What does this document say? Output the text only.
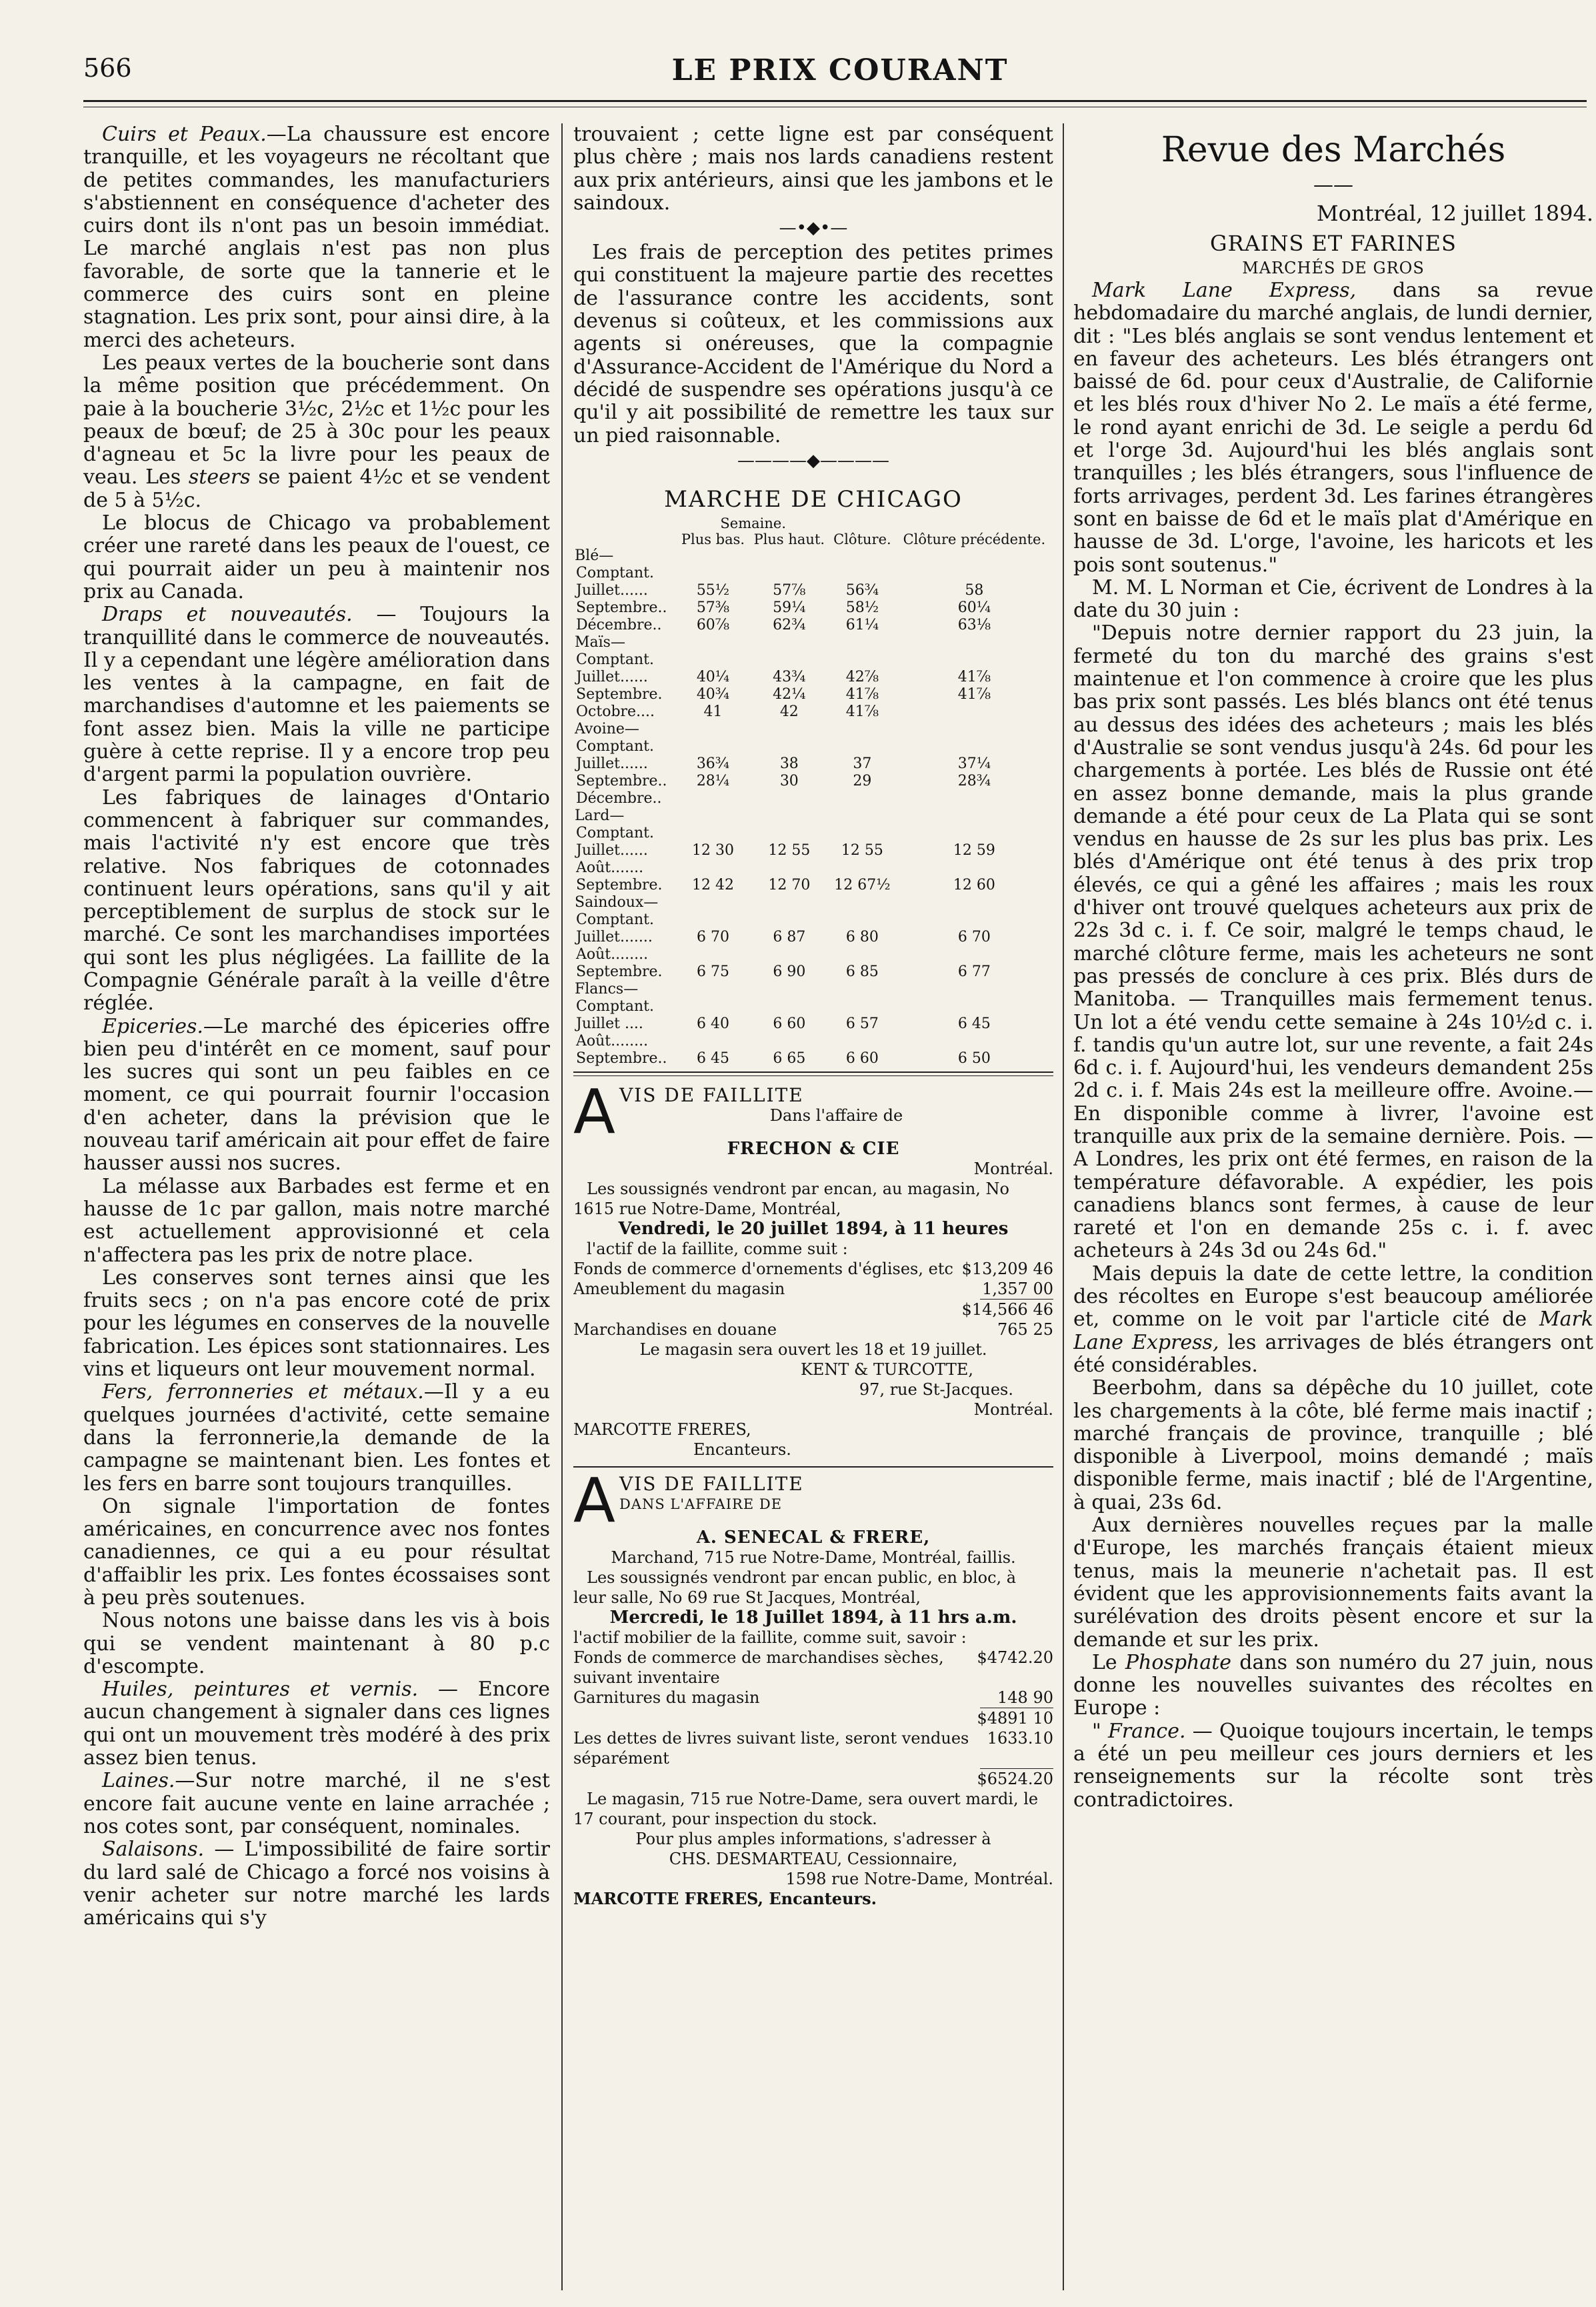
566	LE PRIX COURANT

Cuirs et Peaux.—La chaussure est encore tranquille, et les voyageurs ne récoltant que de petites commandes, les manufacturiers s'abstiennent en conséquence d'acheter des cuirs dont ils n'ont pas un besoin immédiat. Le marché anglais n'est pas non plus favorable, de sorte que la tannerie et le commerce des cuirs sont en pleine stagnation. Les prix sont, pour ainsi dire, à la merci des acheteurs.

Les peaux vertes de la boucherie sont dans la même position que précédemment. On paie à la boucherie 3½c, 2½c et 1½c pour les peaux de bœuf; de 25 à 30c pour les peaux d'agneau et 5c la livre pour les peaux de veau. Les steers se paient 4½c et se vendent de 5 à 5½c.

Le blocus de Chicago va probablement créer une rareté dans les peaux de l'ouest, ce qui pourrait aider un peu à maintenir nos prix au Canada.

Draps et nouveautés. — Toujours la tranquillité dans le commerce de nouveautés. Il y a cependant une légère amélioration dans les ventes à la campagne, en fait de marchandises d'automne et les paiements se font assez bien. Mais la ville ne participe guère à cette reprise. Il y a encore trop peu d'argent parmi la population ouvrière.

Les fabriques de lainages d'Ontario commencent à fabriquer sur commandes, mais l'activité n'y est encore que très relative. Nos fabriques de cotonnades continuent leurs opérations, sans qu'il y ait perceptiblement de surplus de stock sur le marché. Ce sont les marchandises importées qui sont les plus négligées. La faillite de la Compagnie Générale paraît à la veille d'être réglée.

Epiceries.—Le marché des épiceries offre bien peu d'intérêt en ce moment, sauf pour les sucres qui sont un peu faibles en ce moment, ce qui pourrait fournir l'occasion d'en acheter, dans la prévision que le nouveau tarif américain ait pour effet de faire hausser aussi nos sucres.

La mélasse aux Barbades est ferme et en hausse de 1c par gallon, mais notre marché est actuellement approvisionné et cela n'affectera pas les prix de notre place.

Les conserves sont ternes ainsi que les fruits secs ; on n'a pas encore coté de prix pour les légumes en conserves de la nouvelle fabrication. Les épices sont stationnaires. Les vins et liqueurs ont leur mouvement normal.

Fers, ferronneries et métaux.—Il y a eu quelques journées d'activité, cette semaine dans la ferronnerie,la demande de la campagne se maintenant bien. Les fontes et les fers en barre sont toujours tranquilles.

On signale l'importation de fontes américaines, en concurrence avec nos fontes canadiennes, ce qui a eu pour résultat d'affaiblir les prix. Les fontes écossaises sont à peu près soutenues.

Nous notons une baisse dans les vis à bois qui se vendent maintenant à 80 p.c d'escompte.

Huiles, peintures et vernis. — Encore aucun changement à signaler dans ces lignes qui ont un mouvement très modéré à des prix assez bien tenus.

Laines.—Sur notre marché, il ne s'est encore fait aucune vente en laine arrachée ; nos cotes sont, par conséquent, nominales.

Salaisons. — L'impossibilité de faire sortir du lard salé de Chicago a forcé nos voisins à venir acheter sur notre marché les lards américains qui s'y

trouvaient ; cette ligne est par conséquent plus chère ; mais nos lards canadiens restent aux prix antérieurs, ainsi que les jambons et le saindoux.

—•◆•—

Les frais de perception des petites primes qui constituent la majeure partie des recettes de l'assurance contre les accidents, sont devenus si coûteux, et les commissions aux agents si onéreuses, que la compagnie d'Assurance-Accident de l'Amérique du Nord a décidé de suspendre ses opérations jusqu'à ce qu'il y ait possibilité de remettre les taux sur un pied raisonnable.

————◆————
MARCHE DE CHICAGO
	Semaine.			
	Plus bas.	Plus haut.	Clôture.	Clôture précédente.
Blé—				
Comptant.				
Juillet......	55½	57⅞	56¾	58
Septembre..	57⅜	59¼	58½	60¼
Décembre..	60⅞	62¾	61¼	63⅛
Maïs—				
Comptant.				
Juillet......	40¼	43¾	42⅞	41⅞
Septembre.	40¾	42¼	41⅞	41⅞
Octobre....	41	42	41⅞	
Avoine—				
Comptant.				
Juillet......	36¾	38	37	37¼
Septembre..	28¼	30	29	28¾
Décembre..				
Lard—				
Comptant.				
Juillet......	12 30	12 55	12 55	12 59
Août.......				
Septembre.	12 42	12 70	12 67½	12 60
Saindoux—				
Comptant.				
Juillet.......	6 70	6 87	6 80	6 70
Août........				
Septembre.	6 75	6 90	6 85	6 77
Flancs—				
Comptant.				
Juillet ....	6 40	6 60	6 57	6 45
Août........				
Septembre..	6 45	6 65	6 60	6 50
A VIS DE FAILLITE
Dans l'affaire de
FRECHON & CIE
Montréal.
Les soussignés vendront par encan, au magasin, No 1615 rue Notre-Dame, Montréal,
Vendredi, le 20 juillet 1894, à 11 heures
l'actif de la faillite, comme suit :
Fonds de commerce d'ornements d'églises, etc $13,209 46
Ameublement du magasin	1,357 00
$14,566 46
Marchandises en douane	765 25
Le magasin sera ouvert les 18 et 19 juillet.
KENT & TURCOTTE,
97, rue St-Jacques.
Montréal.
MARCOTTE FRERES,
Encanteurs.
A VIS DE FAILLITE
DANS L'AFFAIRE DE
A. SENECAL & FRERE,
Marchand, 715 rue Notre-Dame, Montréal, faillis.
Les soussignés vendront par encan public, en bloc, à leur salle, No 69 rue St Jacques, Montréal,
Mercredi, le 18 Juillet 1894, à 11 hrs a.m.
l'actif mobilier de la faillite, comme suit, savoir :
Fonds de commerce de marchandises sèches, suivant inventaire
$4742.20
Garnitures du magasin	148 90
$4891 10
Les dettes de livres suivant liste, seront vendues séparément
1633.10
$6524.20
Le magasin, 715 rue Notre-Dame, sera ouvert mardi, le 17 courant, pour inspection du stock.
Pour plus amples informations, s'adresser à
CHS. DESMARTEAU, Cessionnaire,
1598 rue Notre-Dame, Montréal.
MARCOTTE FRERES, Encanteurs.
Revue des Marchés
——
Montréal, 12 juillet 1894.
GRAINS ET FARINES
MARCHÉS DE GROS

Mark Lane Express, dans sa revue hebdomadaire du marché anglais, de lundi dernier, dit : "Les blés anglais se sont vendus lentement et en faveur des acheteurs. Les blés étrangers ont baissé de 6d. pour ceux d'Australie, de Californie et les blés roux d'hiver No 2. Le maïs a été ferme, le rond ayant enrichi de 3d. Le seigle a perdu 6d et l'orge 3d. Aujourd'hui les blés anglais sont tranquilles ; les blés étrangers, sous l'influence de forts arrivages, perdent 3d. Les farines étrangères sont en baisse de 6d et le maïs plat d'Amérique en hausse de 3d. L'orge, l'avoine, les haricots et les pois sont soutenus."

M. M. L Norman et Cie, écrivent de Londres à la date du 30 juin :

"Depuis notre dernier rapport du 23 juin, la fermeté du ton du marché des grains s'est maintenue et l'on commence à croire que les plus bas prix sont passés. Les blés blancs ont été tenus au dessus des idées des acheteurs ; mais les blés d'Australie se sont vendus jusqu'à 24s. 6d pour les chargements à portée. Les blés de Russie ont été en assez bonne demande, mais la plus grande demande a été pour ceux de La Plata qui se sont vendus en hausse de 2s sur les plus bas prix. Les blés d'Amérique ont été tenus à des prix trop élevés, ce qui a gêné les affaires ; mais les roux d'hiver ont trouvé quelques acheteurs aux prix de 22s 3d c. i. f. Ce soir, malgré le temps chaud, le marché clôture ferme, mais les acheteurs ne sont pas pressés de conclure à ces prix. Blés durs de Manitoba. — Tranquilles mais fermement tenus. Un lot a été vendu cette semaine à 24s 10½d c. i. f. tandis qu'un autre lot, sur une revente, a fait 24s 6d c. i. f. Aujourd'hui, les vendeurs demandent 25s 2d c. i. f. Mais 24s est la meilleure offre. Avoine.—En disponible comme à livrer, l'avoine est tranquille aux prix de la semaine dernière. Pois. —A Londres, les prix ont été fermes, en raison de la température défavorable. A expédier, les pois canadiens blancs sont fermes, à cause de leur rareté et l'on en demande 25s c. i. f. avec acheteurs à 24s 3d ou 24s 6d."

Mais depuis la date de cette lettre, la condition des récoltes en Europe s'est beaucoup améliorée et, comme on le voit par l'article cité de Mark Lane Express, les arrivages de blés étrangers ont été considérables.

Beerbohm, dans sa dépêche du 10 juillet, cote les chargements à la côte, blé ferme mais inactif ; marché français de province, tranquille ; blé disponible à Liverpool, moins demandé ; maïs disponible ferme, mais inactif ; blé de l'Argentine, à quai, 23s 6d.

Aux dernières nouvelles reçues par la malle d'Europe, les marchés français étaient mieux tenus, mais la meunerie n'achetait pas. Il est évident que les approvisionnements faits avant la surélévation des droits pèsent encore et sur la demande et sur les prix.

Le Phosphate dans son numéro du 27 juin, nous donne les nouvelles suivantes des récoltes en Europe :

" France. — Quoique toujours incertain, le temps a été un peu meilleur ces jours derniers et les renseignements sur la récolte sont très contradictoires.
